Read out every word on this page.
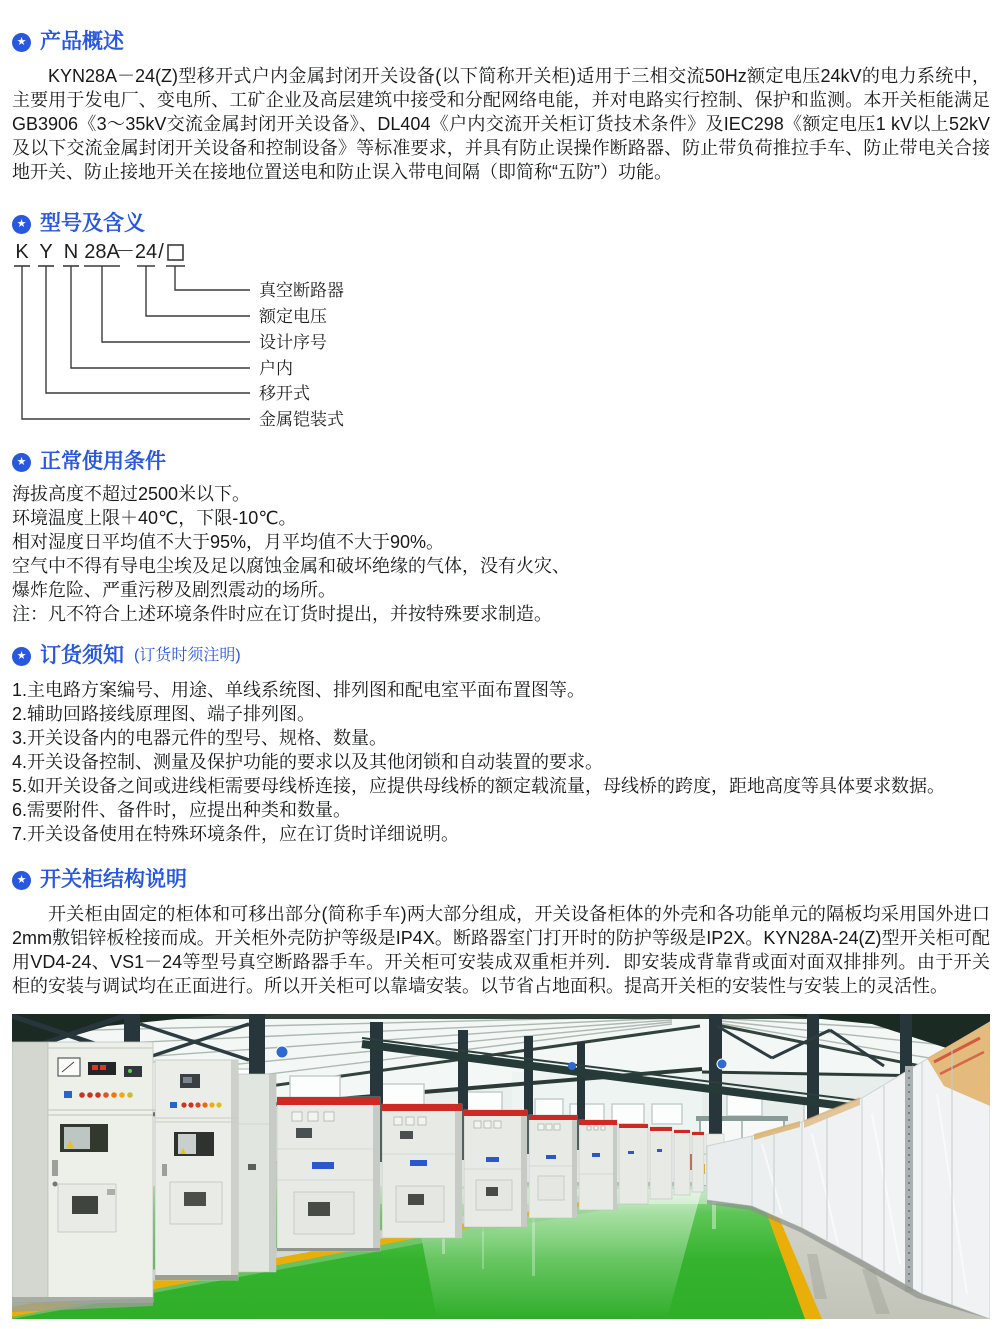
★ 产品概述

KYN28A－24(Z)型移开式户内金属封闭开关设备(以下简称开关柜)适用于三相交流50Hz额定电压24kV的电力系统中，主要用于发电厂、变电所、工矿企业及高层建筑中接受和分配网络电能，并对电路实行控制、保护和监测。本开关柜能满足GB3906《3～35kV交流金属封闭开关设备》、DL404《户内交流开关柜订货技术条件》及IEC298《额定电压1 kV以上52kV及以下交流金属封闭开关设备和控制设备》等标准要求，并具有防止误操作断路器、防止带负荷推拉手车、防止带电关合接地开关、防止接地开关在接地位置送电和防止误入带电间隔（即简称“五防”）功能。

★ 型号及含义
K Y N 28A
－ 24 /
真空断路器
额定电压
设计序号
户内
移开式
金属铠装式
★ 正常使用条件
海拔高度不超过2500米以下。
环境温度上限＋40℃，下限-10℃。
相对湿度日平均值不大于95%，月平均值不大于90%。
空气中不得有导电尘埃及足以腐蚀金属和破坏绝缘的气体，没有火灾、
爆炸危险、严重污秽及剧烈震动的场所。
注：凡不符合上述环境条件时应在订货时提出，并按特殊要求制造。
★ 订货须知 (订货时须注明)
1.主电路方案编号、用途、单线系统图、排列图和配电室平面布置图等。
2.辅助回路接线原理图、端子排列图。
3.开关设备内的电器元件的型号、规格、数量。
4.开关设备控制、测量及保护功能的要求以及其他闭锁和自动装置的要求。
5.如开关设备之间或进线柜需要母线桥连接，应提供母线桥的额定载流量，母线桥的跨度，距地高度等具体要求数据。
6.需要附件、备件时，应提出种类和数量。
7.开关设备使用在特殊环境条件，应在订货时详细说明。
★ 开关柜结构说明

开关柜由固定的柜体和可移出部分(简称手车)两大部分组成，开关设备柜体的外壳和各功能单元的隔板均采用国外进口2mm敷铝锌板栓接而成。开关柜外壳防护等级是IP4X。断路器室门打开时的防护等级是IP2X。KYN28A-24(Z)型开关柜可配用VD4-24、VS1－24等型号真空断路器手车。开关柜可安装成双重柜并列．即安装成背靠背或面对面双排排列。由于开关柜的安装与调试均在正面进行。所以开关柜可以靠墙安装。以节省占地面积。提高开关柜的安装性与安装上的灵活性。
